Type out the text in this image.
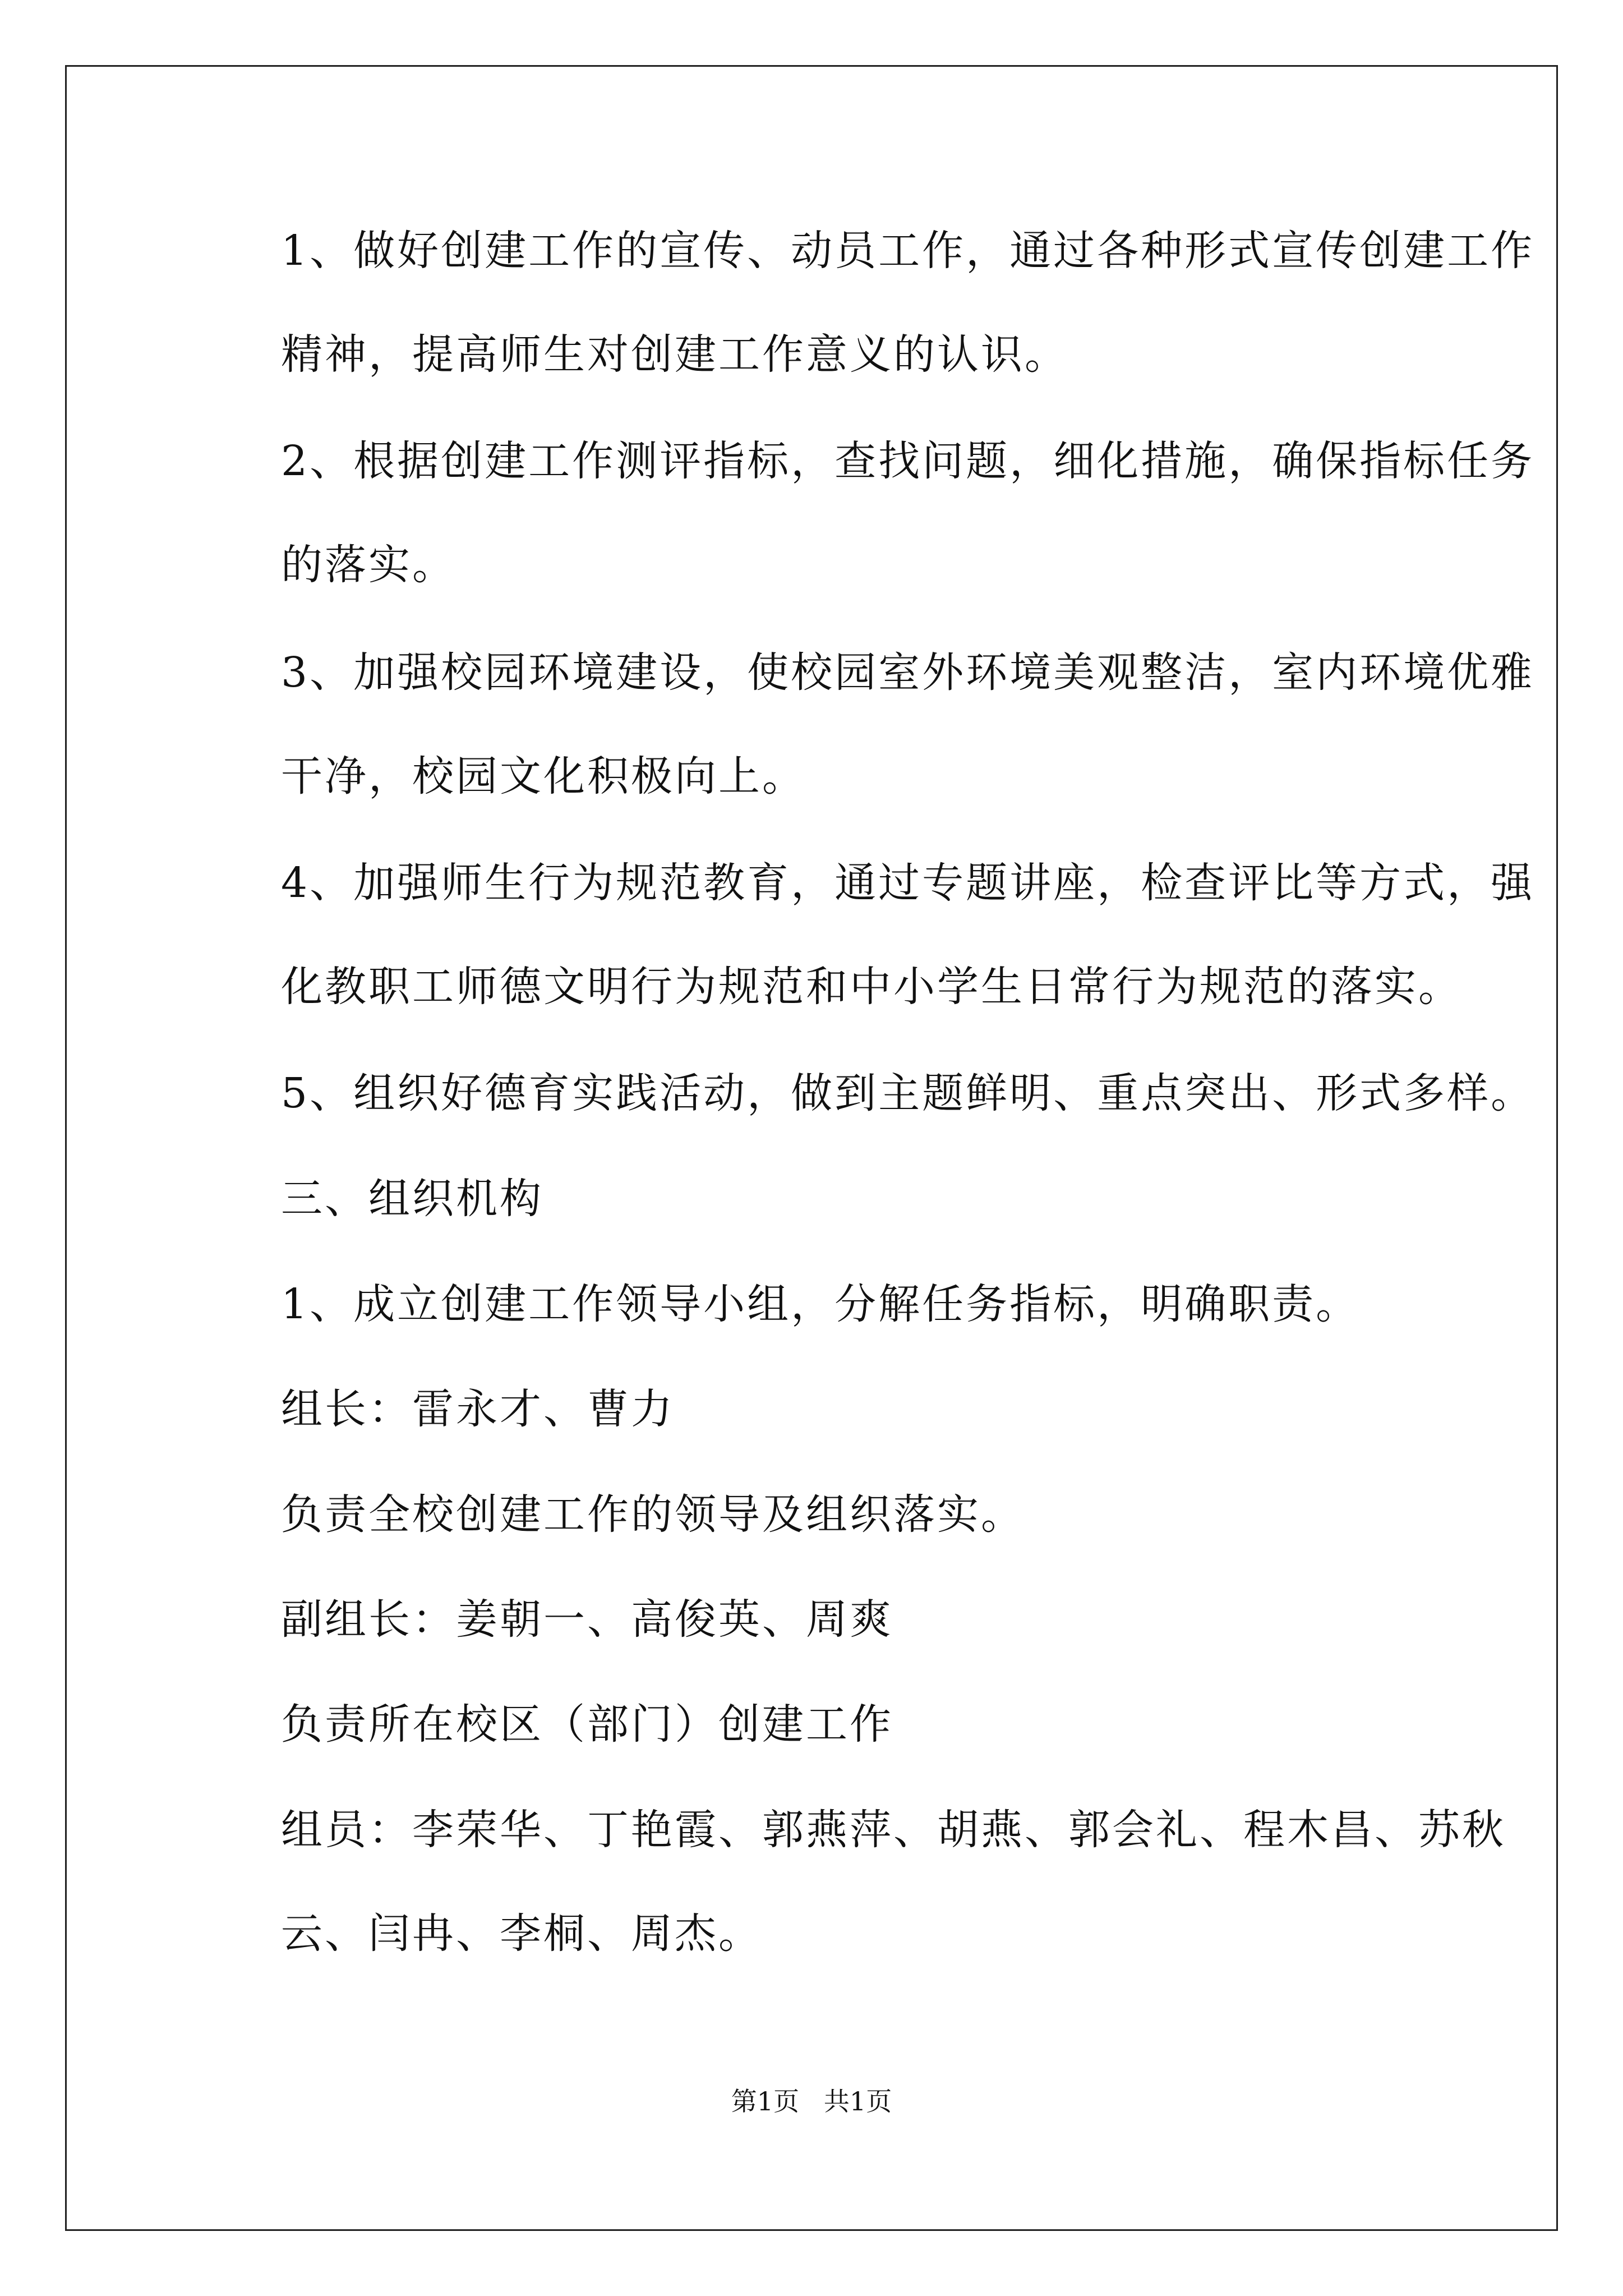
1、做好创建工作的宣传、动员工作，通过各种形式宣传创建工作
精神，提高师生对创建工作意义的认识。

2、根据创建工作测评指标，查找问题，细化措施，确保指标任务
的落实。

3、加强校园环境建设，使校园室外环境美观整洁，室内环境优雅
干净，校园文化积极向上。

4、加强师生行为规范教育，通过专题讲座，检查评比等方式，强
化教职工师德文明行为规范和中小学生日常行为规范的落实。

5、组织好德育实践活动，做到主题鲜明、重点突出、形式多样。

三、组织机构

1、成立创建工作领导小组，分解任务指标，明确职责。

组长：雷永才、曹力

负责全校创建工作的领导及组织落实。

副组长：姜朝一、高俊英、周爽

负责所在校区（部门）创建工作

组员：李荣华、丁艳霞、郭燕萍、胡燕、郭会礼、程木昌、苏秋
云、闫冉、李桐、周杰。

第1页   共1页
